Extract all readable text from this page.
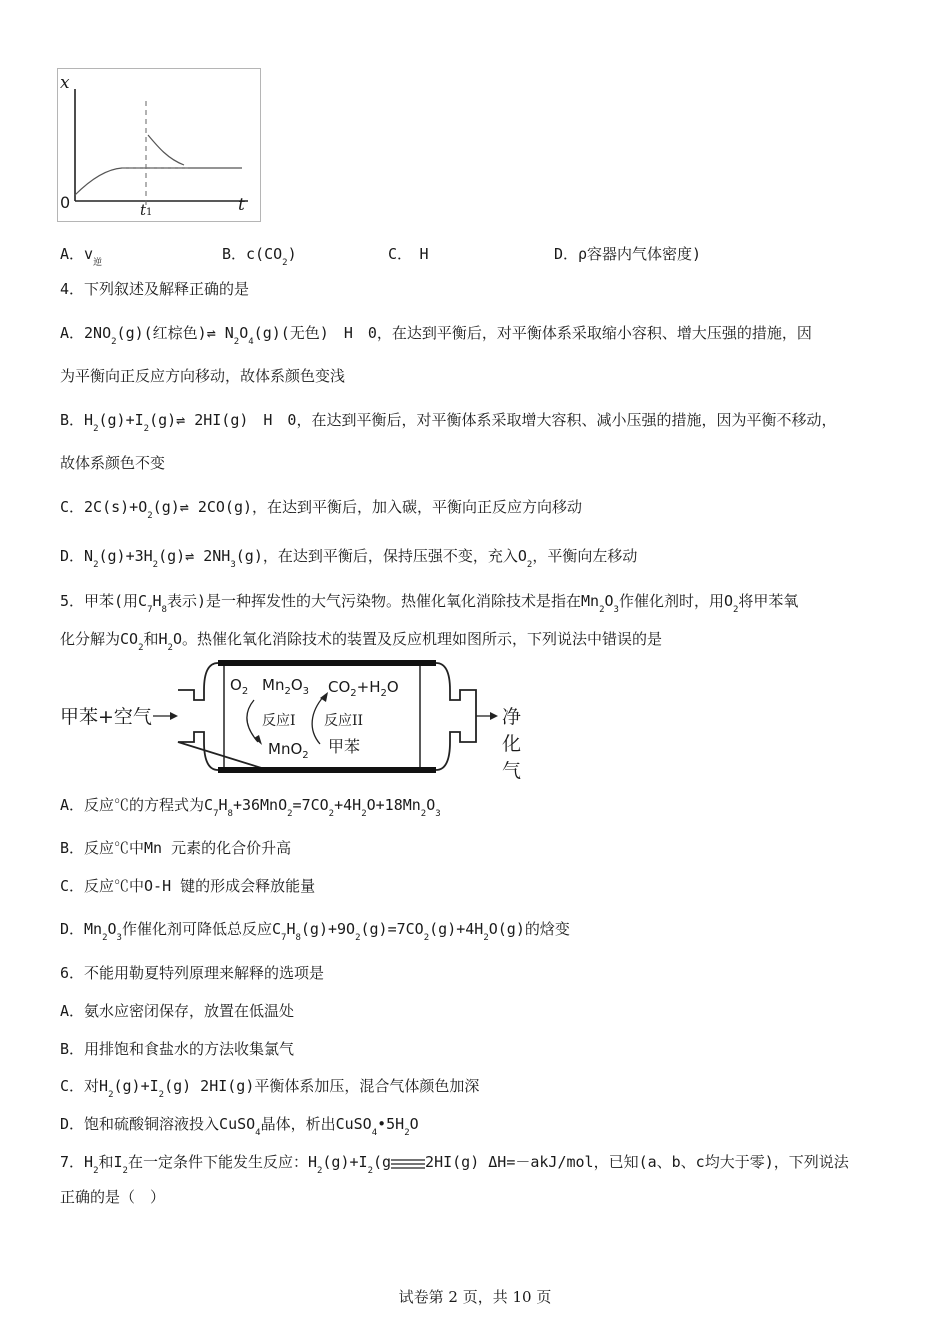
x
0	t
t1
A．$v_逆$	B．$c(CO_2)$	C．　H	D．ρ容器内气体密度)
4．下列叙述及解释正确的是
A．$2NO_2(g)$(红棕色)⇌ $N_2O_4(g)$(无色)　H　0，在达到平衡后，对平衡体系采取缩小容积、增大压强的措施，因
为平衡向正反应方向移动，故体系颜色变浅
B．$H_2(g)+I_2(g)\rightleftharpoons$ 2HI(g)　H　0，在达到平衡后，对平衡体系采取增大容积、减小压强的措施，因为平衡不移动，
故体系颜色不变
C．$2C(s)+O_2(g)\rightleftharpoons$ 2CO(g)，在达到平衡后，加入碳，平衡向正反应方向移动
D．$N_2(g)+3H_2(g)\rightleftharpoons$ $2NH_3(g)$，在达到平衡后，保持压强不变，充入$O_2$，平衡向左移动
5．甲苯(用$C_7H_8$表示)是一种挥发性的大气污染物。热催化氧化消除技术是指在$Mn_2O_3$作催化剂时，用$O_2$将甲苯氧
化分解为$CO_2$和$H_2O$。热催化氧化消除技术的装置及反应机理如图所示，下列说法中错误的是
甲苯+空气	净化气
$O_2$ $Mn_2O_3$ $CO_2+H_2O$
反应I 反应II
MnO$_2$ 甲苯
A．反应℃的方程式为$C_7H_8+36MnO_2=7CO_2+4H_2O+18Mn_2O_3$
B．反应℃中Mn 元素的化合价升高
C．反应℃中O-H 键的形成会释放能量
D．$Mn_2O_3$作催化剂可降低总反应$C_7H_8(g)+9O_2(g)=7CO_2(g)+4H_2O(g)$的焓变
6．不能用勒夏特列原理来解释的选项是
A．氨水应密闭保存，放置在低温处
B．用排饱和食盐水的方法收集氯气
C．对$H_2(g)+I_2(g)$ 2HI(g)平衡体系加压，混合气体颜色加深
D．饱和硫酸铜溶液投入CuSO$_4$晶体，析出$CuSO_4•5H_2O$
7．$H_2$和$I_2$在一定条件下能发生反应：$H_2(g)+I_2(g$ 2HI(g) ΔH=－akJ/mol，已知(a、b、c均大于零)，下列说法
正确的是（　）
试卷第 2 页，共 10 页
